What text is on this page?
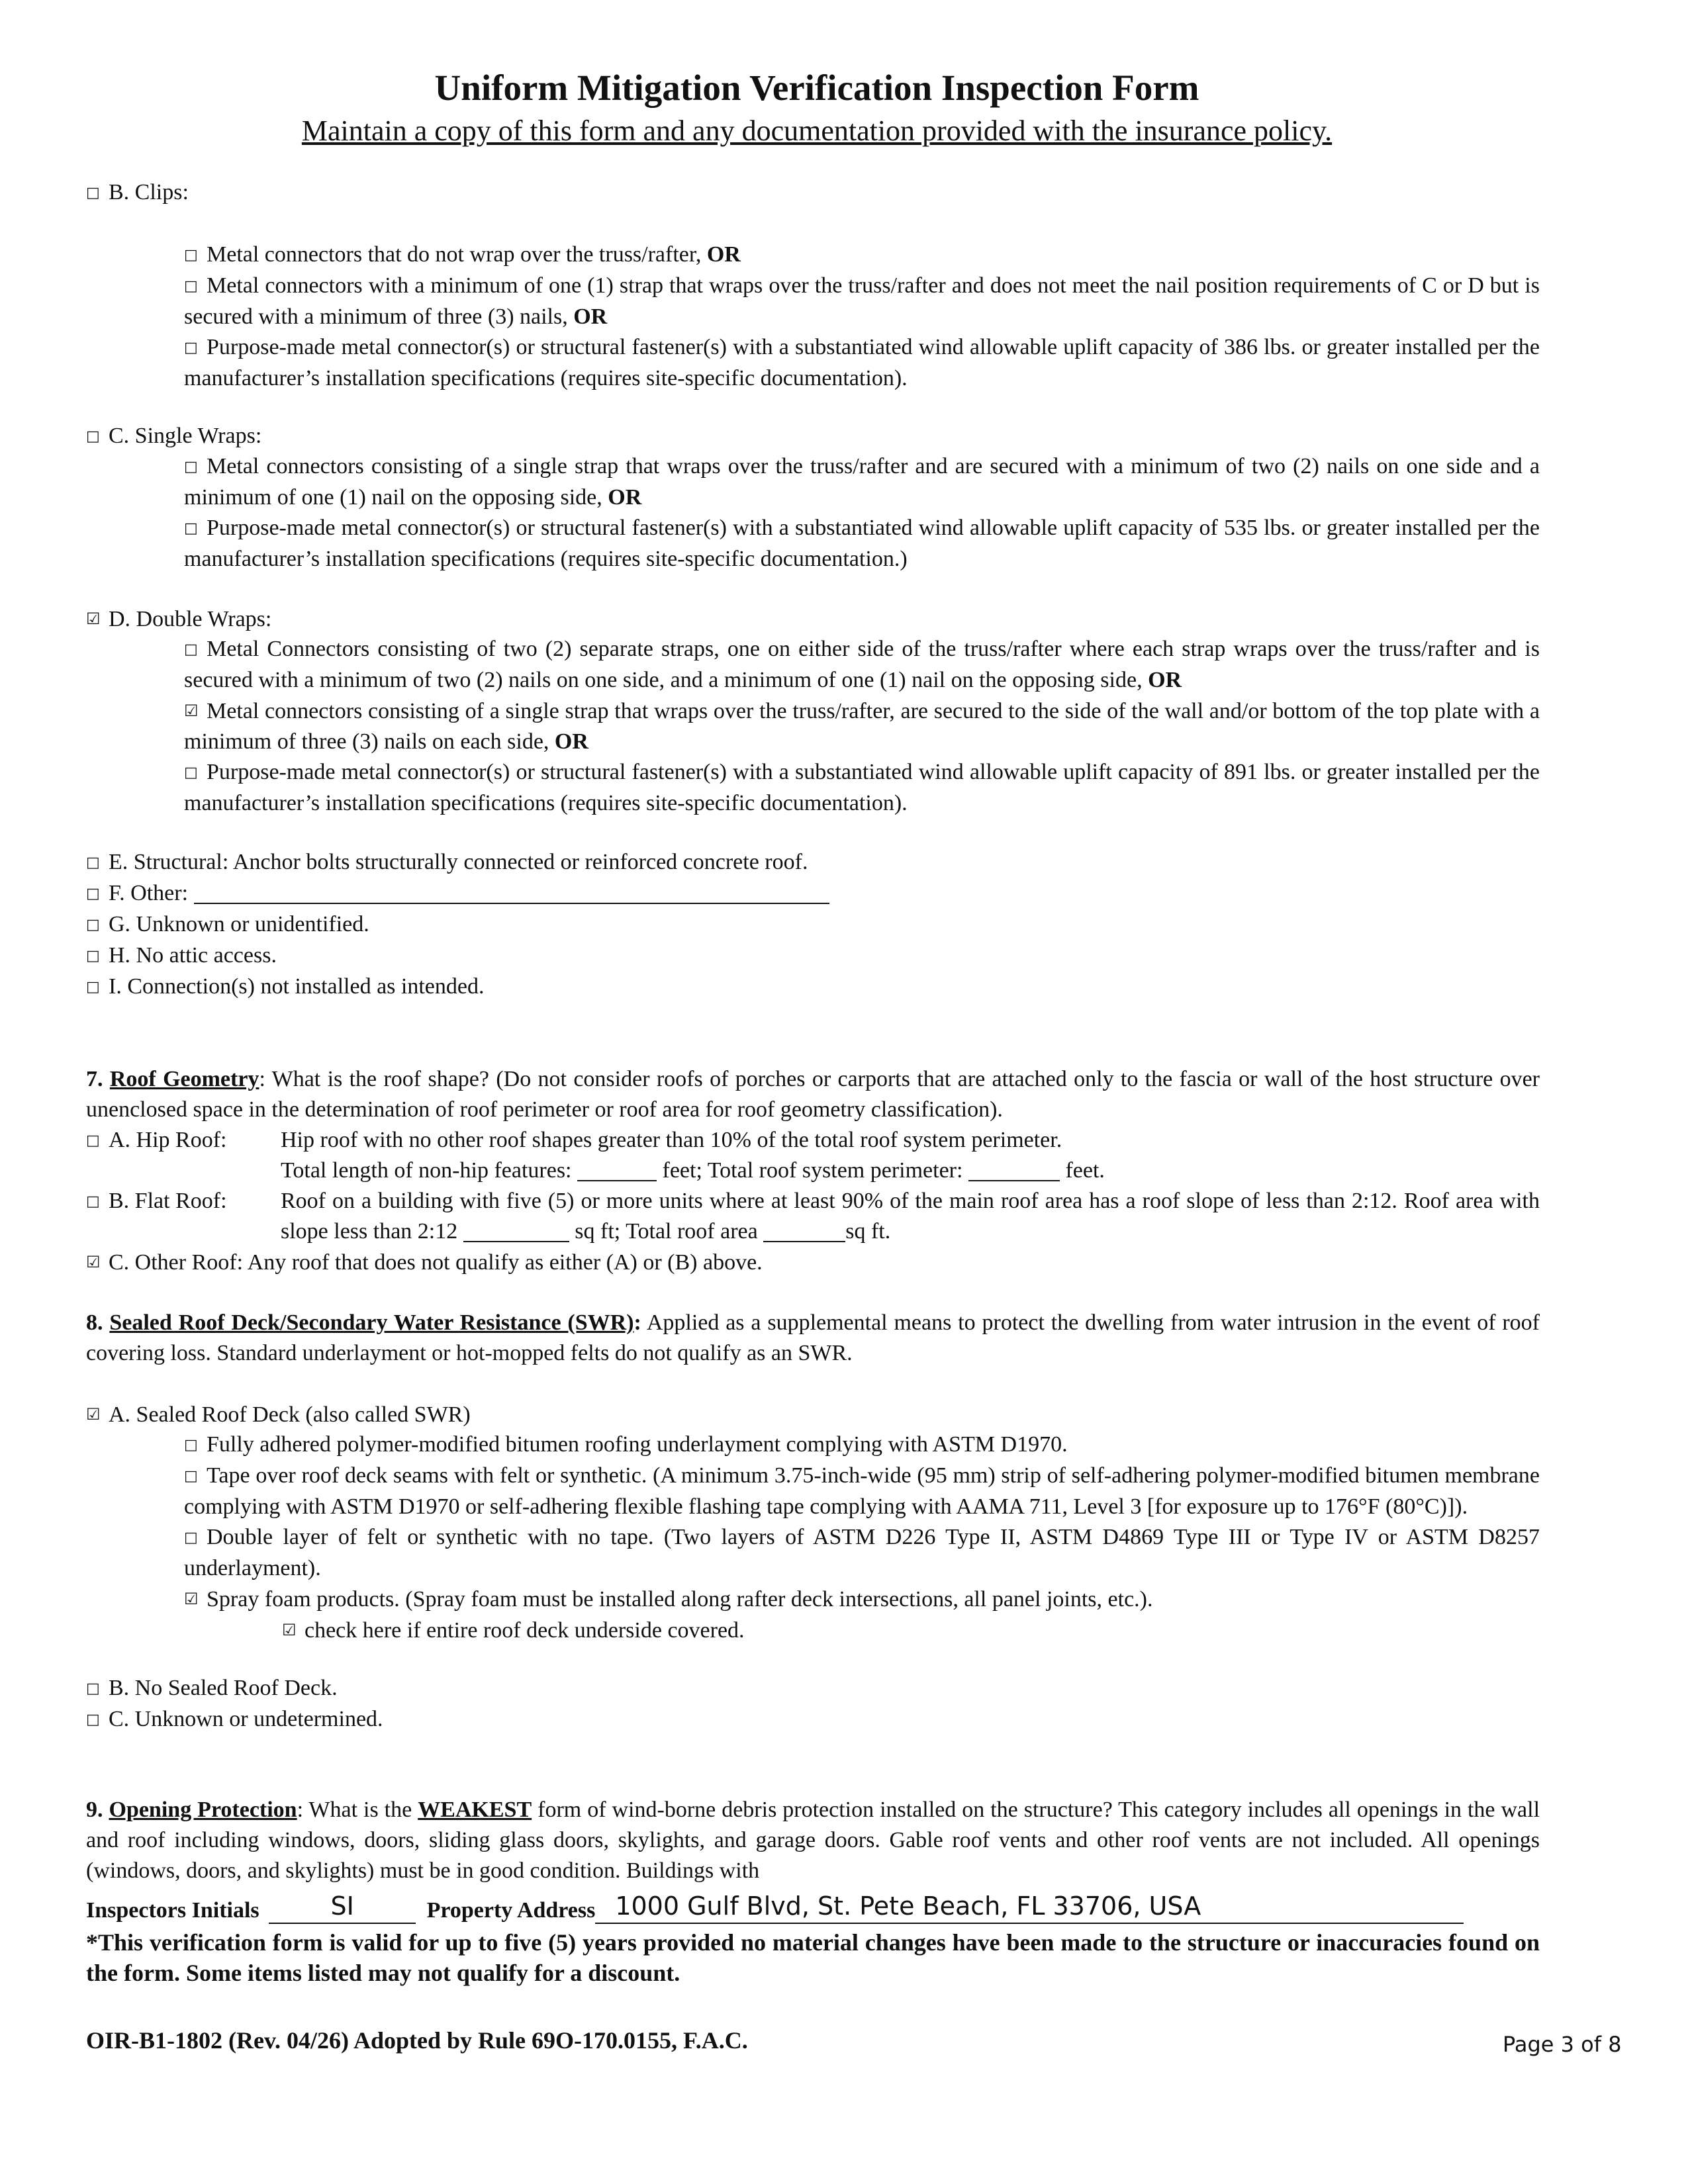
Uniform Mitigation Verification Inspection Form
Maintain a copy of this form and any documentation provided with the insurance policy.
□ B. Clips:
□ Metal connectors that do not wrap over the truss/rafter, OR
□ Metal connectors with a minimum of one (1) strap that wraps over the truss/rafter and does not meet the nail position requirements of C or D but is secured with a minimum of three (3) nails, OR
□ Purpose-made metal connector(s) or structural fastener(s) with a substantiated wind allowable uplift capacity of 386 lbs. or greater installed per the manufacturer’s installation specifications (requires site-specific documentation).
□ C. Single Wraps:
□ Metal connectors consisting of a single strap that wraps over the truss/rafter and are secured with a minimum of two (2) nails on one side and a minimum of one (1) nail on the opposing side, OR
□ Purpose-made metal connector(s) or structural fastener(s) with a substantiated wind allowable uplift capacity of 535 lbs. or greater installed per the manufacturer’s installation specifications (requires site-specific documentation.)
☑ D. Double Wraps:
□ Metal Connectors consisting of two (2) separate straps, one on either side of the truss/rafter where each strap wraps over the truss/rafter and is secured with a minimum of two (2) nails on one side, and a minimum of one (1) nail on the opposing side, OR
☑ Metal connectors consisting of a single strap that wraps over the truss/rafter, are secured to the side of the wall and/or bottom of the top plate with a minimum of three (3) nails on each side, OR
□ Purpose-made metal connector(s) or structural fastener(s) with a substantiated wind allowable uplift capacity of 891 lbs. or greater installed per the manufacturer’s installation specifications (requires site-specific documentation).
□ E. Structural: Anchor bolts structurally connected or reinforced concrete roof.
□ F. Other:
□ G. Unknown or unidentified.
□ H. No attic access.
□ I. Connection(s) not installed as intended.
7. Roof Geometry: What is the roof shape? (Do not consider roofs of porches or carports that are attached only to the fascia or wall of the host structure over unenclosed space in the determination of roof perimeter or roof area for roof geometry classification).
□ A. Hip Roof: Hip roof with no other roof shapes greater than 10% of the total roof system perimeter.
Total length of non-hip features:	feet; Total roof system perimeter:	feet.
□ B. Flat Roof: Roof on a building with five (5) or more units where at least 90% of the main roof area has a roof slope of less than 2:12. Roof area with slope less than 2:12	sq ft; Total roof area	sq ft.
☑ C. Other Roof: Any roof that does not qualify as either (A) or (B) above.
8. Sealed Roof Deck/Secondary Water Resistance (SWR): Applied as a supplemental means to protect the dwelling from water intrusion in the event of roof covering loss. Standard underlayment or hot-mopped felts do not qualify as an SWR.
☑ A. Sealed Roof Deck (also called SWR)
□ Fully adhered polymer-modified bitumen roofing underlayment complying with ASTM D1970.
□ Tape over roof deck seams with felt or synthetic. (A minimum 3.75-inch-wide (95 mm) strip of self-adhering polymer-modified bitumen membrane complying with ASTM D1970 or self-adhering flexible flashing tape complying with AAMA 711, Level 3 [for exposure up to 176°F (80°C)]).
□ Double layer of felt or synthetic with no tape. (Two layers of ASTM D226 Type II, ASTM D4869 Type III or Type IV or ASTM D8257 underlayment).
☑ Spray foam products. (Spray foam must be installed along rafter deck intersections, all panel joints, etc.).
☑ check here if entire roof deck underside covered.
□ B. No Sealed Roof Deck.
□ C. Unknown or undetermined.
9. Opening Protection: What is the WEAKEST form of wind-borne debris protection installed on the structure? This category includes all openings in the wall and roof including windows, doors, sliding glass doors, skylights, and garage doors. Gable roof vents and other roof vents are not included. All openings (windows, doors, and skylights) must be in good condition. Buildings with
Inspectors Initials	SI	Property Address 1000 Gulf Blvd, St. Pete Beach, FL 33706, USA
*This verification form is valid for up to five (5) years provided no material changes have been made to the structure or inaccuracies found on the form. Some items listed may not qualify for a discount.
OIR-B1-1802 (Rev. 04/26) Adopted by Rule 69O-170.0155, F.A.C.	Page 3 of 8
